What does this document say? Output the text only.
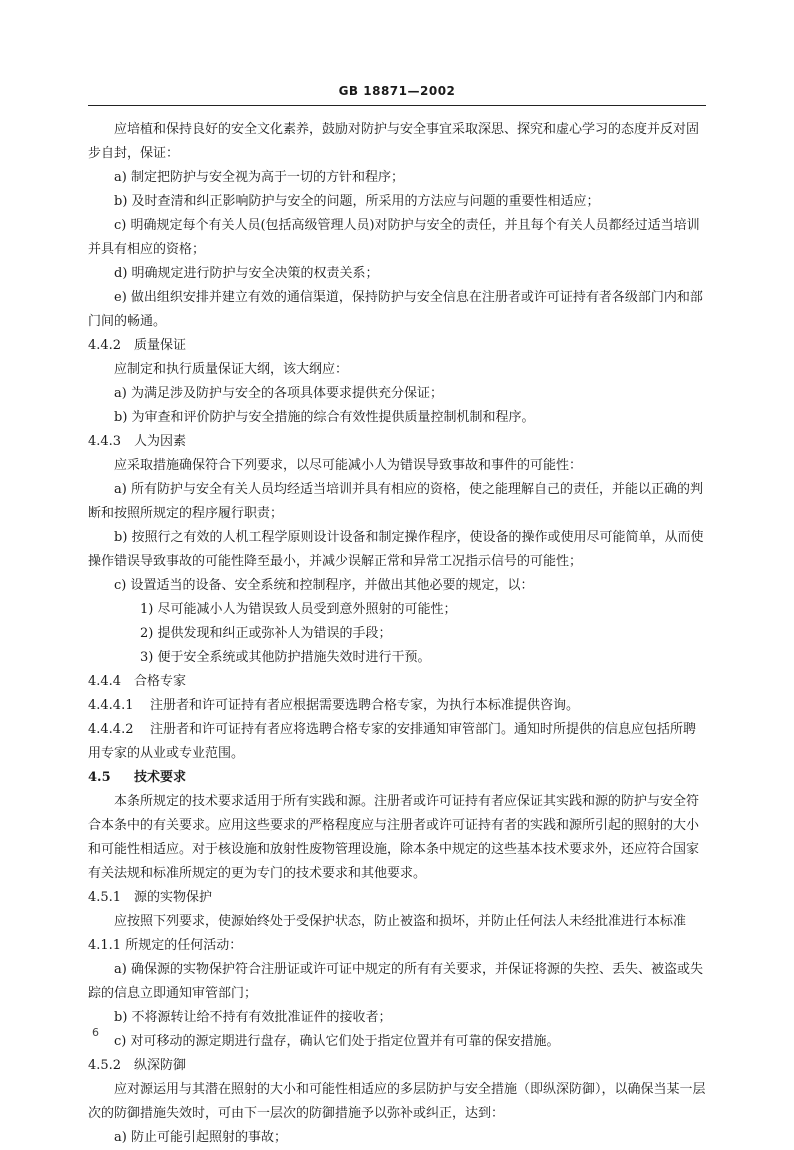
GB 18871—2002

应培植和保持良好的安全文化素养，鼓励对防护与安全事宜采取深思、探究和虚心学习的态度并反对固步自封，保证：

a) 制定把防护与安全视为高于一切的方针和程序；

b) 及时查清和纠正影响防护与安全的问题，所采用的方法应与问题的重要性相适应；

c) 明确规定每个有关人员(包括高级管理人员)对防护与安全的责任，并且每个有关人员都经过适当培训并具有相应的资格；

d) 明确规定进行防护与安全决策的权责关系；

e) 做出组织安排并建立有效的通信渠道，保持防护与安全信息在注册者或许可证持有者各级部门内和部门间的畅通。

4.4.2 质量保证

应制定和执行质量保证大纲，该大纲应：

a) 为满足涉及防护与安全的各项具体要求提供充分保证；

b) 为审查和评价防护与安全措施的综合有效性提供质量控制机制和程序。

4.4.3 人为因素

应采取措施确保符合下列要求，以尽可能减小人为错误导致事故和事件的可能性：

a) 所有防护与安全有关人员均经适当培训并具有相应的资格，使之能理解自己的责任，并能以正确的判断和按照所规定的程序履行职责；

b) 按照行之有效的人机工程学原则设计设备和制定操作程序，使设备的操作或使用尽可能简单，从而使操作错误导致事故的可能性降至最小，并减少误解正常和异常工况指示信号的可能性；

c) 设置适当的设备、安全系统和控制程序，并做出其他必要的规定，以：

1) 尽可能减小人为错误致人员受到意外照射的可能性；

2) 提供发现和纠正或弥补人为错误的手段；

3) 便于安全系统或其他防护措施失效时进行干预。

4.4.4 合格专家

4.4.4.1 注册者和许可证持有者应根据需要选聘合格专家，为执行本标准提供咨询。

4.4.4.2 注册者和许可证持有者应将选聘合格专家的安排通知审管部门。通知时所提供的信息应包括所聘用专家的从业或专业范围。

4.5 技术要求

本条所规定的技术要求适用于所有实践和源。注册者或许可证持有者应保证其实践和源的防护与安全符合本条中的有关要求。应用这些要求的严格程度应与注册者或许可证持有者的实践和源所引起的照射的大小和可能性相适应。对于核设施和放射性废物管理设施，除本条中规定的这些基本技术要求外，还应符合国家有关法规和标准所规定的更为专门的技术要求和其他要求。

4.5.1 源的实物保护

应按照下列要求，使源始终处于受保护状态，防止被盗和损坏，并防止任何法人未经批准进行本标准 4.1.1 所规定的任何活动：

a) 确保源的实物保护符合注册证或许可证中规定的所有有关要求，并保证将源的失控、丢失、被盗或失踪的信息立即通知审管部门；

b) 不将源转让给不持有有效批准证件的接收者；

c) 对可移动的源定期进行盘存，确认它们处于指定位置并有可靠的保安措施。

4.5.2 纵深防御

应对源运用与其潜在照射的大小和可能性相适应的多层防护与安全措施（即纵深防御），以确保当某一层次的防御措施失效时，可由下一层次的防御措施予以弥补或纠正，达到：

a) 防止可能引起照射的事故；

6
